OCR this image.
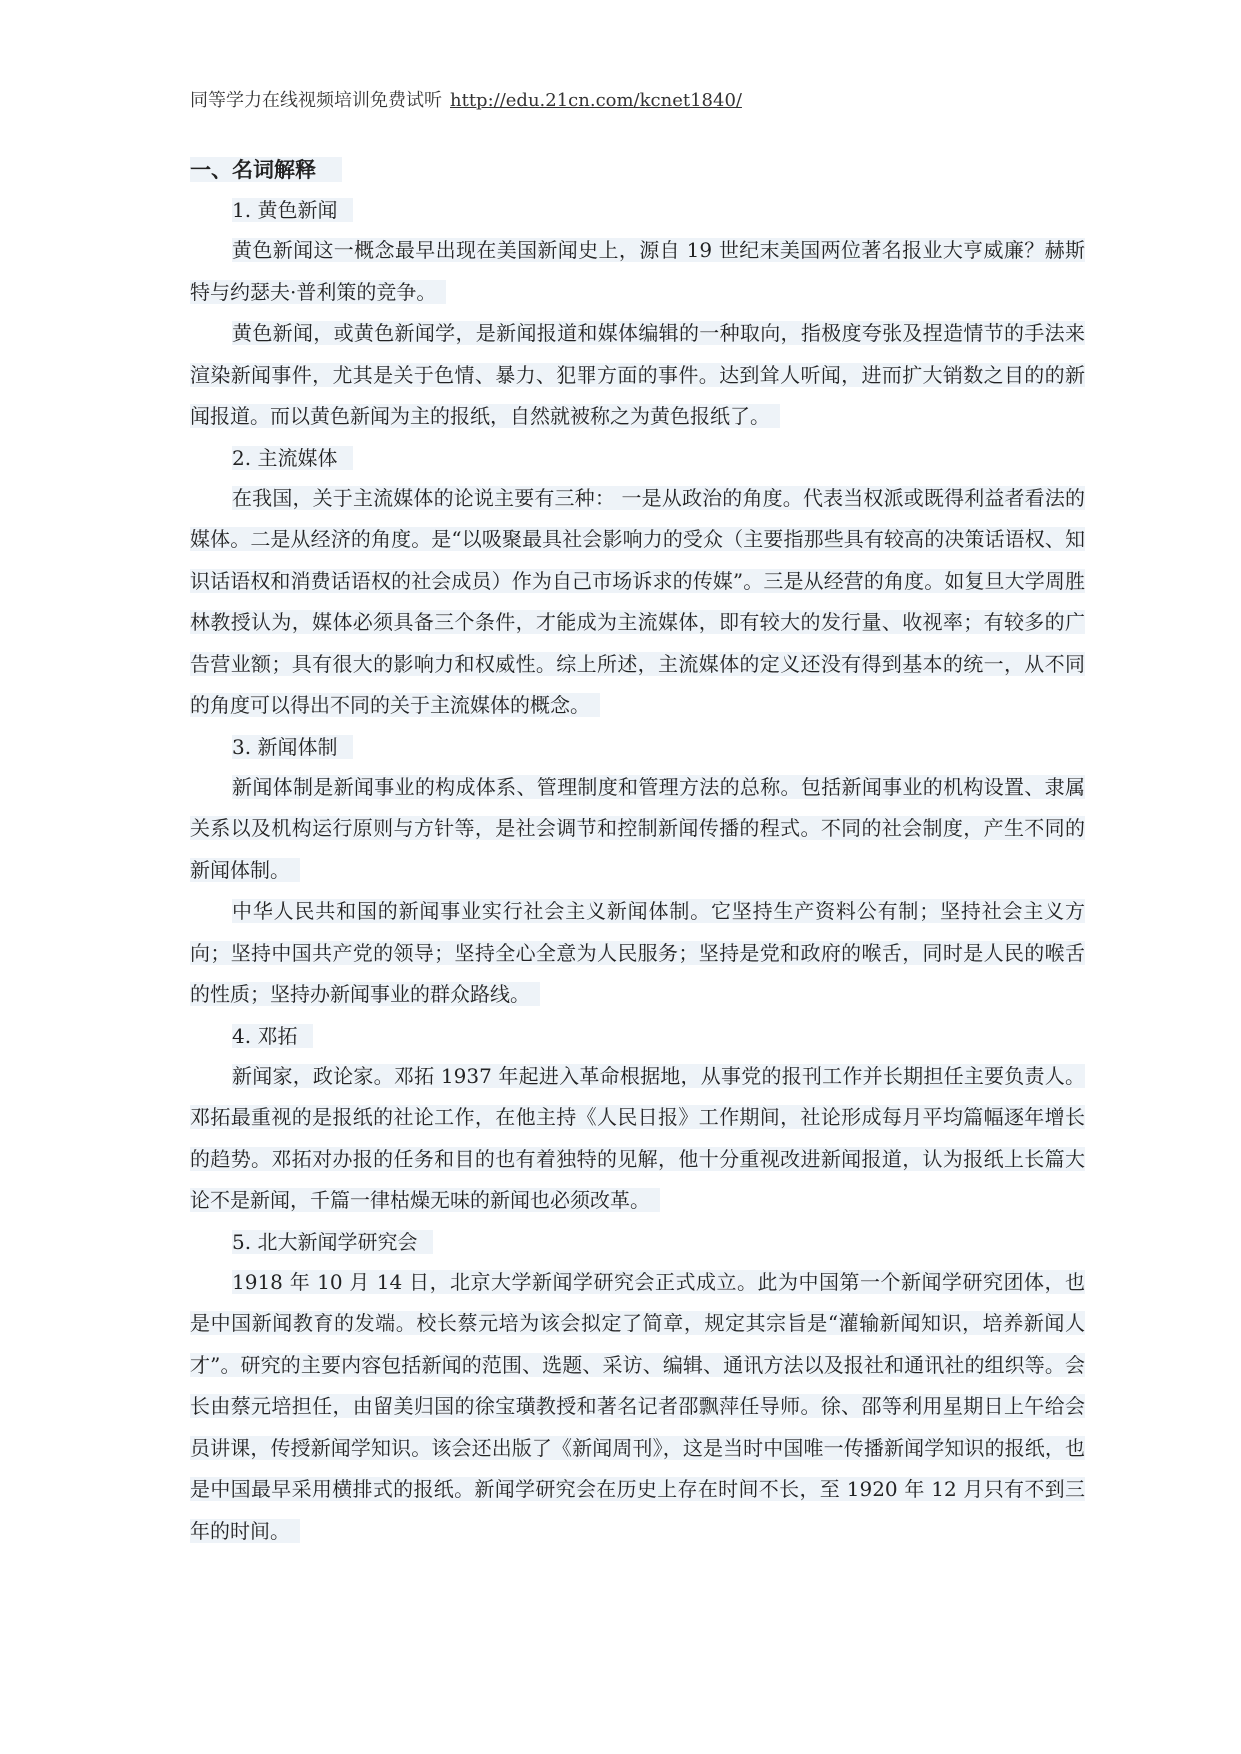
同等学力在线视频培训免费试听 http://edu.21cn.com/kcnet1840/
一、名词解释
1. 黄色新闻

黄色新闻这一概念最早出现在美国新闻史上，源自 19 世纪末美国两位著名报业大亨威廉？赫斯特与约瑟夫·普利策的竞争。

黄色新闻，或黄色新闻学，是新闻报道和媒体编辑的一种取向，指极度夸张及捏造情节的手法来渲染新闻事件，尤其是关于色情、暴力、犯罪方面的事件。达到耸人听闻，进而扩大销数之目的的新闻报道。而以黄色新闻为主的报纸，自然就被称之为黄色报纸了。

2. 主流媒体

在我国，关于主流媒体的论说主要有三种： 一是从政治的角度。代表当权派或既得利益者看法的媒体。二是从经济的角度。是“以吸聚最具社会影响力的受众（主要指那些具有较高的决策话语权、知识话语权和消费话语权的社会成员）作为自己市场诉求的传媒”。三是从经营的角度。如复旦大学周胜林教授认为，媒体必须具备三个条件，才能成为主流媒体，即有较大的发行量、收视率；有较多的广告营业额；具有很大的影响力和权威性。综上所述，主流媒体的定义还没有得到基本的统一，从不同的角度可以得出不同的关于主流媒体的概念。

3. 新闻体制

新闻体制是新闻事业的构成体系、管理制度和管理方法的总称。包括新闻事业的机构设置、隶属关系以及机构运行原则与方针等，是社会调节和控制新闻传播的程式。不同的社会制度，产生不同的新闻体制。

中华人民共和国的新闻事业实行社会主义新闻体制。它坚持生产资料公有制；坚持社会主义方向；坚持中国共产党的领导；坚持全心全意为人民服务；坚持是党和政府的喉舌，同时是人民的喉舌的性质；坚持办新闻事业的群众路线。

4. 邓拓

新闻家，政论家。邓拓 1937 年起进入革命根据地，从事党的报刊工作并长期担任主要负责人。邓拓最重视的是报纸的社论工作，在他主持《人民日报》工作期间，社论形成每月平均篇幅逐年增长的趋势。邓拓对办报的任务和目的也有着独特的见解，他十分重视改进新闻报道，认为报纸上长篇大论不是新闻，千篇一律枯燥无味的新闻也必须改革。

5. 北大新闻学研究会

1918 年 10 月 14 日，北京大学新闻学研究会正式成立。此为中国第一个新闻学研究团体，也是中国新闻教育的发端。校长蔡元培为该会拟定了简章，规定其宗旨是“灌输新闻知识，培养新闻人才”。研究的主要内容包括新闻的范围、选题、采访、编辑、通讯方法以及报社和通讯社的组织等。会长由蔡元培担任，由留美归国的徐宝璜教授和著名记者邵飘萍任导师。徐、邵等利用星期日上午给会员讲课，传授新闻学知识。该会还出版了《新闻周刊》，这是当时中国唯一传播新闻学知识的报纸，也是中国最早采用横排式的报纸。新闻学研究会在历史上存在时间不长，至 1920 年 12 月只有不到三年的时间。
